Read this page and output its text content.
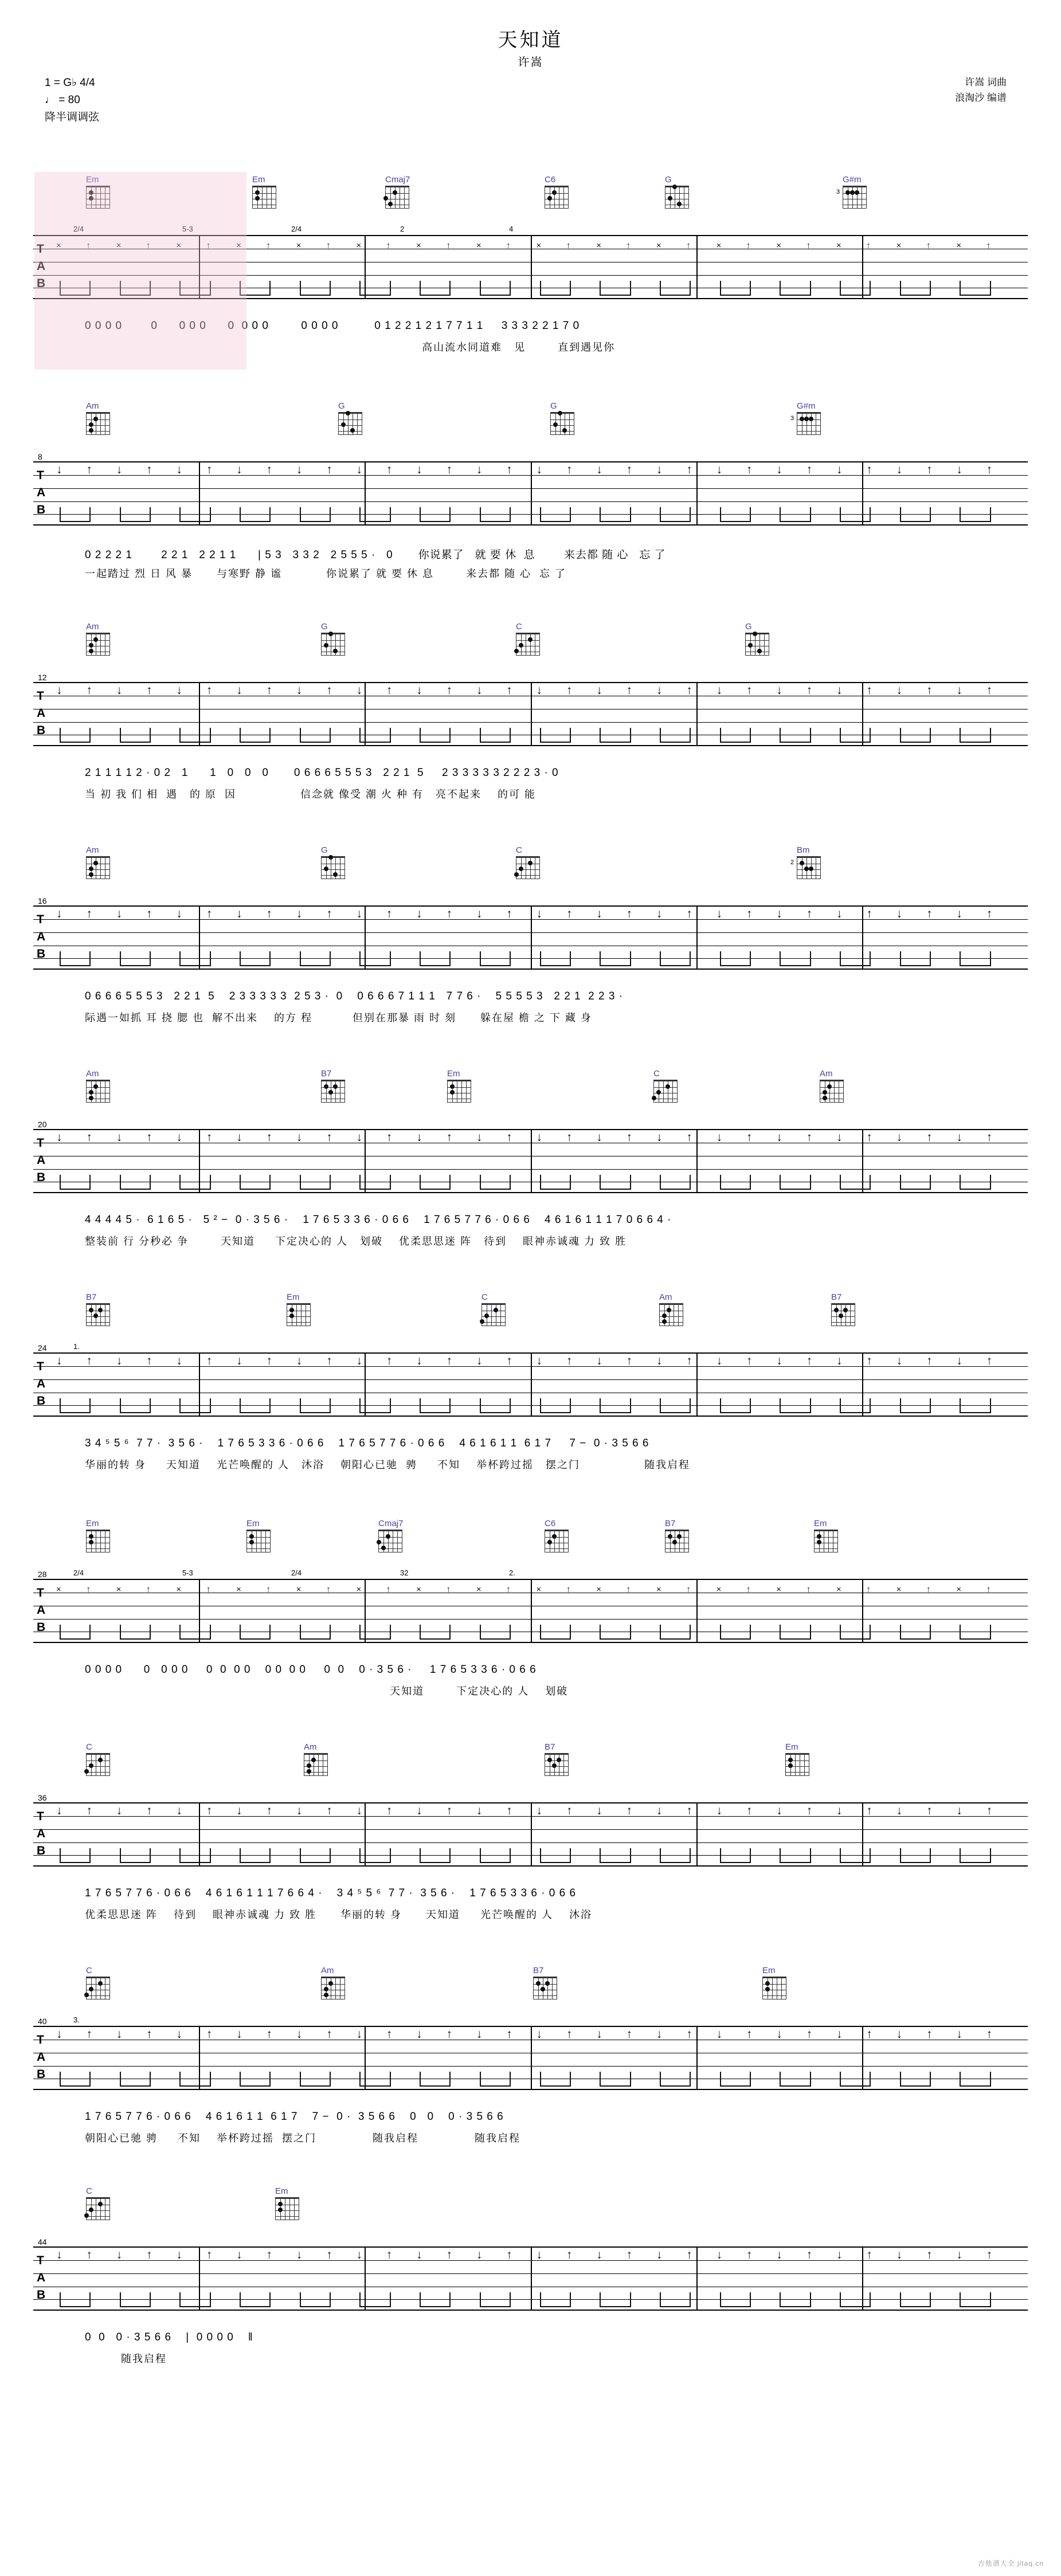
天知道
许嵩
1 = G♭ 4/4
♩ = 80
降半调调弦
许嵩 词曲
浪淘沙 编谱
吉他谱大全 jitaq.cn
Em	Em	Cmaj7	C6	G	G#m
3
T
A
B
×	↑	×	↑	×	↑	×	↑	×	↑	×	↑	×	↑	×	↑	×	↑	×	↑	×	↑	×	↑	×	↑	×	↑	×	↑	×	↑
2/4	5-3	2/4	2	4
0 0 0 0        0      0 0 0      0  0 0 0         0 0 0 0          0 1 2 2 1 2 1 7 7 1 1     3 3 3 2 2 1 7 0
高山流水同道难   见        直到遇见你
Am	G	G	G#m
3
T
A
B
8
↓ ↑ ↓ ↑ ↓ ↑ ↓ ↑ ↓ ↑ ↓ ↑ ↓ ↑ ↓ ↑ ↓ ↑ ↓ ↑ ↓ ↑ ↓ ↑ ↓ ↑ ↓ ↑ ↓ ↑ ↓ ↑
0 2 2 2 1        2 2 1   2 2 1 1      | 5 3   3 3 2   2 5 5 5 ·   0       你说累了   就 要 休  息        来去都 随 心   忘 了
一起踏过 烈 日 风 暴      与寒野 静 谧           你说累了 就 要 休 息        来去都 随 心  忘 了
Am	G	C	G
T
A
B
12
↓ ↑ ↓ ↑ ↓ ↑ ↓ ↑ ↓ ↑ ↓ ↑ ↓ ↑ ↓ ↑ ↓ ↑ ↓ ↑ ↓ ↑ ↓ ↑ ↓ ↑ ↓ ↑ ↓ ↑ ↓ ↑
2 1 1 1 1 2 · 0 2   1      1   0   0   0       0 6 6 6 5 5 5 3   2 2 1  5     2 3 3 3 3 3 2 2 2 3 · 0
当 初 我 们 相  遇   的 原  因                信念就 像受 潮 火 种 有   亮不起来    的可 能
Am	G	C	Bm
2
T
A
B
16
↓ ↑ ↓ ↑ ↓ ↑ ↓ ↑ ↓ ↑ ↓ ↑ ↓ ↑ ↓ ↑ ↓ ↑ ↓ ↑ ↓ ↑ ↓ ↑ ↓ ↑ ↓ ↑ ↓ ↑ ↓ ↑
0 6 6 6 5 5 5 3   2 2 1  5    2 3 3 3 3 3  2 5 3 ·  0    0 6 6 6 7 1 1 1   7 7 6 ·    5 5 5 5 3   2 2 1  2 2 3 ·
际遇一如抓 耳 挠 腮 也  解不出来    的方 程          但别在那暴 雨 时 刻      躲在屋 檐 之 下 藏 身
Am	B7	Em	C	Am
T
A
B
20
↓ ↑ ↓ ↑ ↓ ↑ ↓ ↑ ↓ ↑ ↓ ↑ ↓ ↑ ↓ ↑ ↓ ↑ ↓ ↑ ↓ ↑ ↓ ↑ ↓ ↑ ↓ ↑ ↓ ↑ ↓ ↑
4 4 4 4 5 ·  6 1 6 5 ·   5 ² −  0 · 3 5 6 ·    1 7 6 5 3 3 6 · 0 6 6    1 7 6 5 7 7 6 · 0 6 6    4 6 1 6 1 1 1 7 0 6 6 4 ·
整装前 行 分秒必 争        天知道     下定决心的 人   划破    优柔思思迷 阵   待到    眼神赤诚魂 力 致 胜
B7	Em	C	Am	B7
T
A
B
24
↓ ↑ ↓ ↑ ↓ ↑ ↓ ↑ ↓ ↑ ↓ ↑ ↓ ↑ ↓ ↑ ↓ ↑ ↓ ↑ ↓ ↑ ↓ ↑ ↓ ↑ ↓ ↑ ↓ ↑ ↓ ↑
1.
3 4 ⁵ 5 ⁶  7 7 ·  3 5 6 ·    1 7 6 5 3 3 6 · 0 6 6    1 7 6 5 7 7 6 · 0 6 6    4 6 1 6 1 1  6 1 7     7 −  0 · 3 5 6 6
华丽的转 身     天知道    光芒唤醒的 人   沐浴    朝阳心已驰  骋     不知    举杯跨过摇   摆之门                随我启程
Em	Em	Cmaj7	C6	B7	Em
T
A
B
28
×	↑	×	↑	×	↑	×	↑	×	↑	×	↑	×	↑	×	↑	×	↑	×	↑	×	↑	×	↑	×	↑	×	↑	×	↑	×	↑
2/4	5-3	2/4	32	2.
0 0 0 0      0   0 0 0     0  0  0 0    0 0  0 0     0  0    0 · 3 5 6 ·     1 7 6 5 3 3 6 · 0 6 6
天知道        下定决心的 人    划破
C	Am	B7	Em
T
A
B
36
↓ ↑ ↓ ↑ ↓ ↑ ↓ ↑ ↓ ↑ ↓ ↑ ↓ ↑ ↓ ↑ ↓ ↑ ↓ ↑ ↓ ↑ ↓ ↑ ↓ ↑ ↓ ↑ ↓ ↑ ↓ ↑
1 7 6 5 7 7 6 · 0 6 6    4 6 1 6 1 1 1 7 6 6 4 ·    3 4 ⁵ 5 ⁶  7 7 ·  3 5 6 ·    1 7 6 5 3 3 6 · 0 6 6
优柔思思迷 阵    待到    眼神赤诚魂 力 致 胜      华丽的转 身      天知道     光芒唤醒的 人    沐浴
C	Am	B7	Em
T
A
B
40
↓ ↑ ↓ ↑ ↓ ↑ ↓ ↑ ↓ ↑ ↓ ↑ ↓ ↑ ↓ ↑ ↓ ↑ ↓ ↑ ↓ ↑ ↓ ↑ ↓ ↑ ↓ ↑ ↓ ↑ ↓ ↑
3.
1 7 6 5 7 7 6 · 0 6 6    4 6 1 6 1 1  6 1 7    7 −  0 ·  3 5 6 6    0   0    0 · 3 5 6 6
朝阳心已驰 骋     不知    举杯跨过摇  摆之门              随我启程              随我启程
C	Em
T
A
B
44
↓ ↑ ↓ ↑ ↓ ↑ ↓ ↑ ↓ ↑ ↓ ↑ ↓ ↑ ↓ ↑ ↓ ↑ ↓ ↑ ↓ ↑ ↓ ↑ ↓ ↑ ↓ ↑ ↓ ↑ ↓ ↑
0  0   0 · 3 5 6 6    |  0 0 0 0    ‖
随我启程
